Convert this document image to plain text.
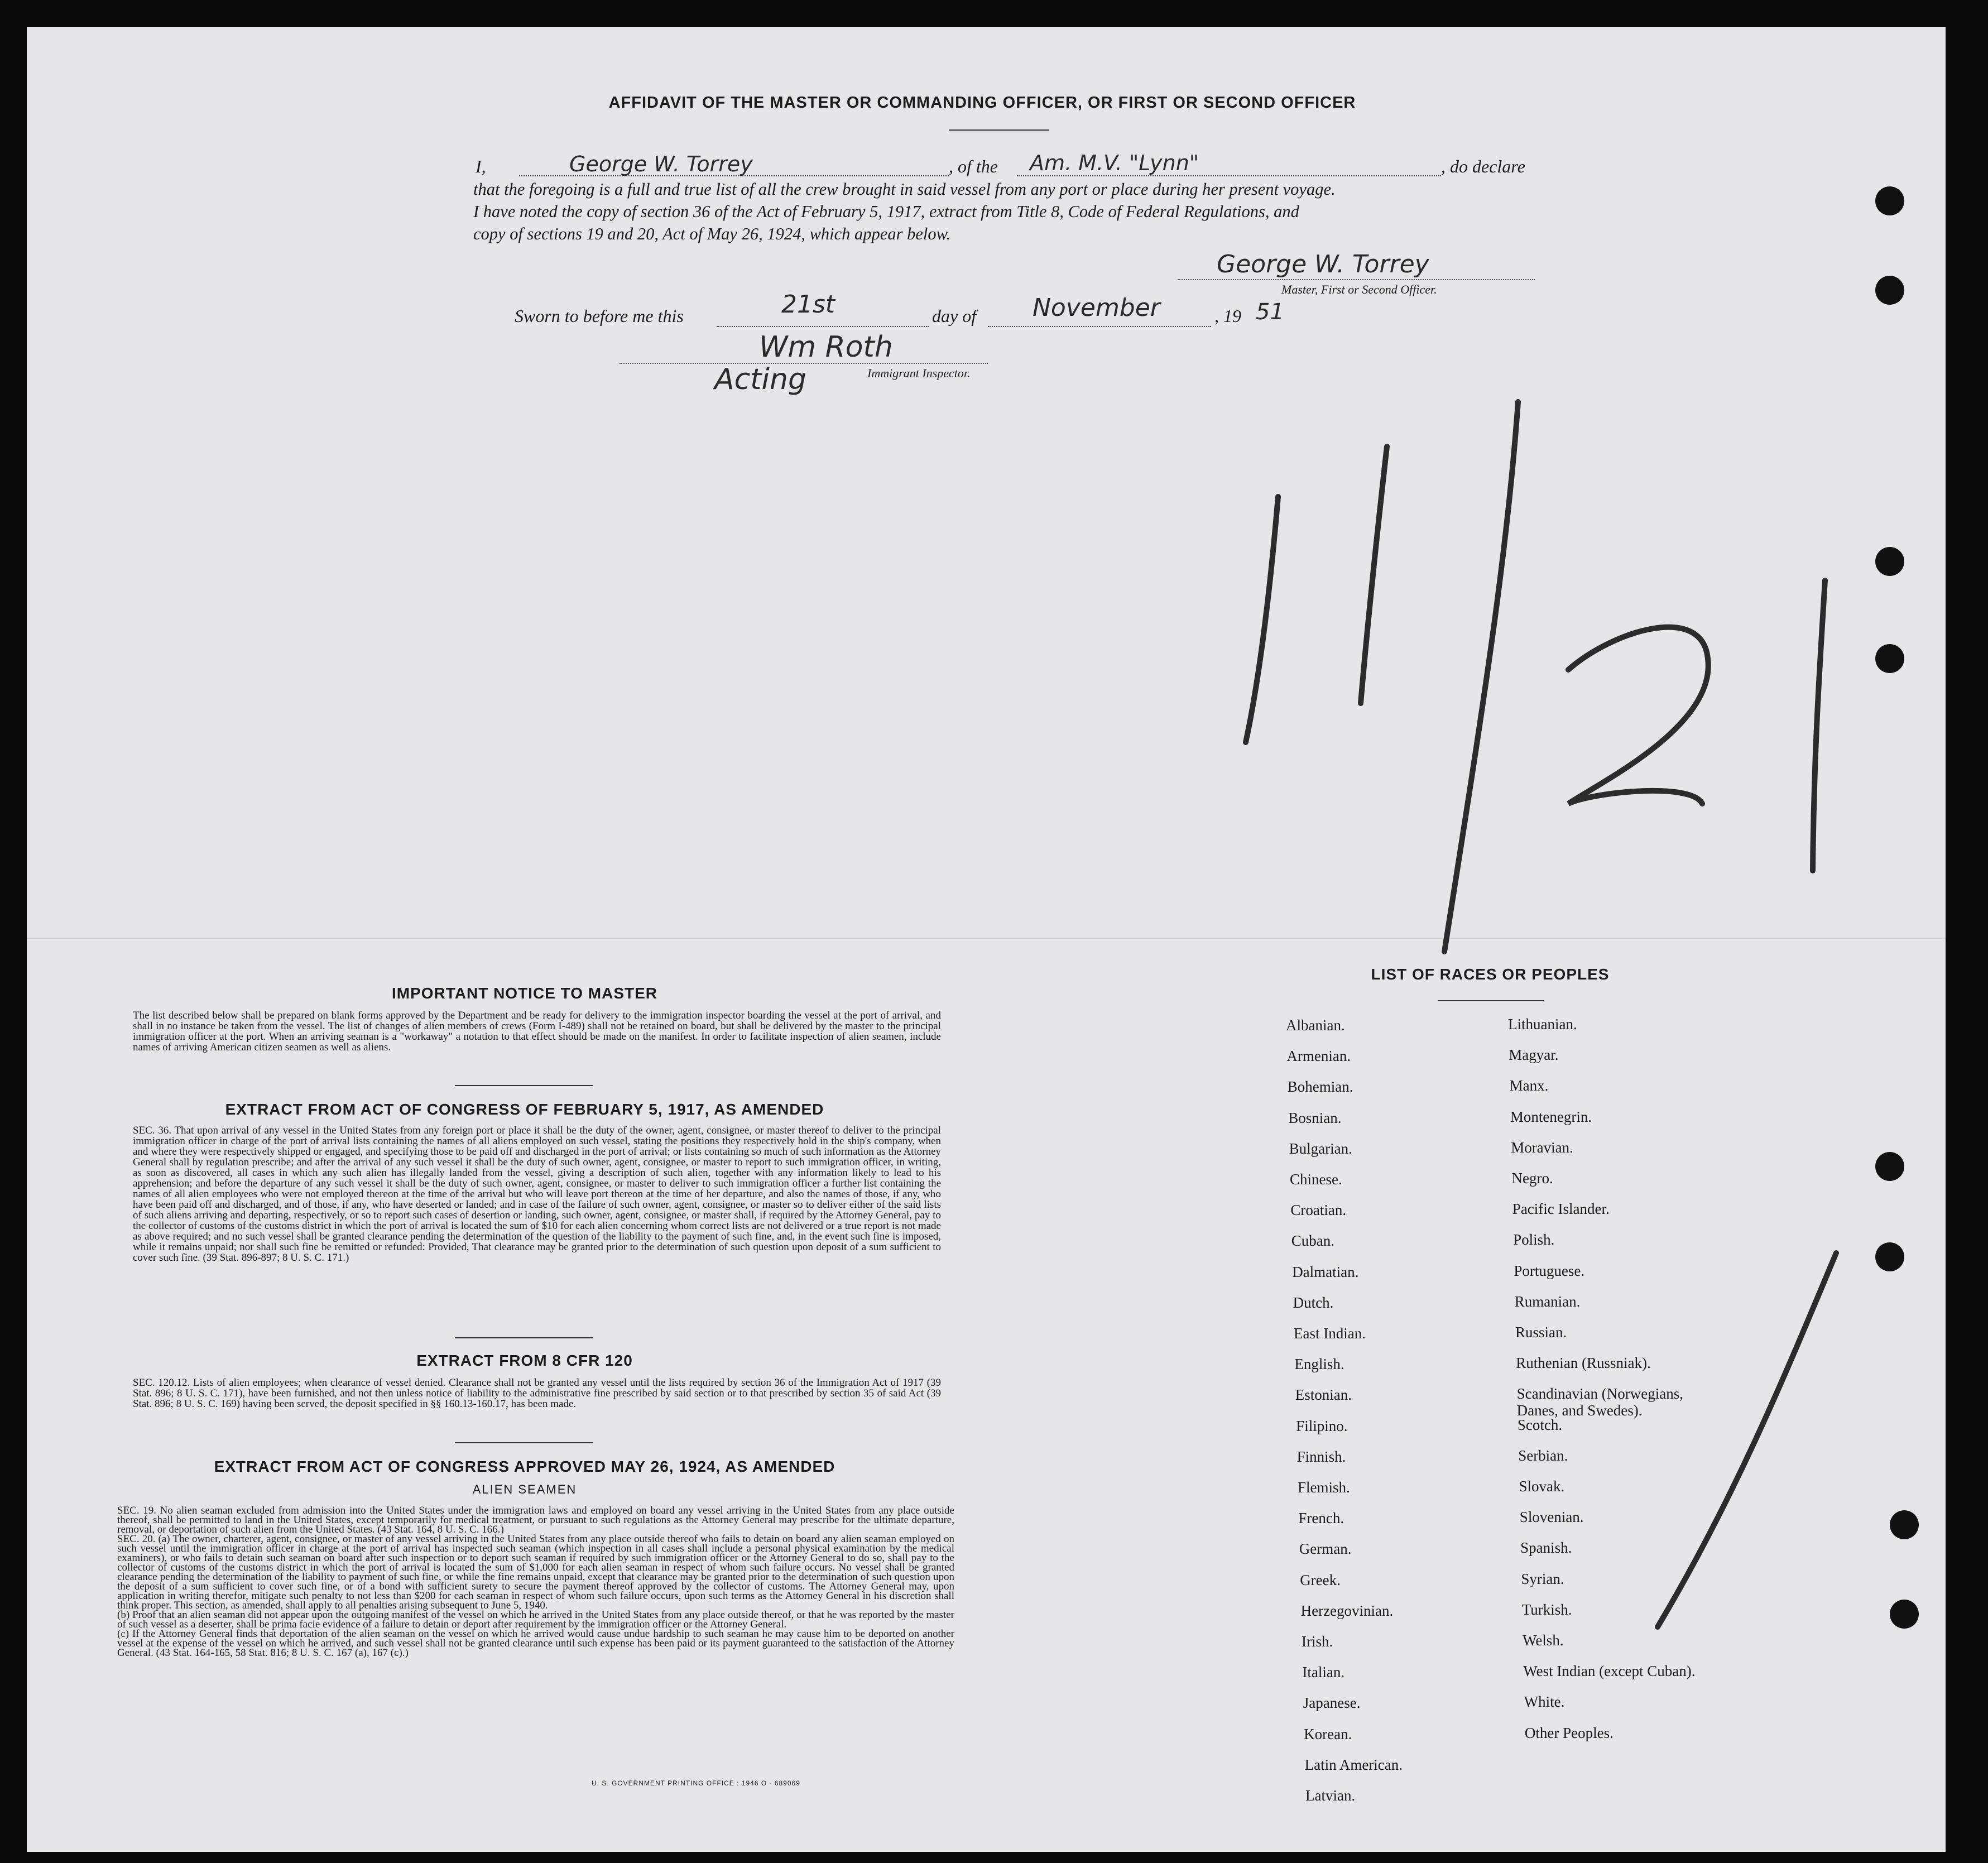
AFFIDAVIT OF THE MASTER OR COMMANDING OFFICER, OR FIRST OR SECOND OFFICER
I,	George W. Torrey	, of the Am. M.V. "Lynn"	, do declare
that the foregoing is a full and true list of all the crew brought in said vessel from any port or place during her present voyage.
I have noted the copy of section 36 of the Act of February 5, 1917, extract from Title 8, Code of Federal Regulations, and
copy of sections 19 and 20, Act of May 26, 1924, which appear below.
George W. Torrey
Master, First or Second Officer.
Sworn to before me this	21st	day of November	, 19 51
Wm Roth
Acting	Immigrant Inspector.
IMPORTANT NOTICE TO MASTER
The list described below shall be prepared on blank forms approved by the Department and be ready for delivery to the immigration inspector boarding the vessel at the port of arrival, and shall in no instance be taken from the vessel. The list of changes of alien members of crews (Form I-489) shall not be retained on board, but shall be delivered by the master to the principal immigration officer at the port. When an arriving seaman is a "workaway" a notation to that effect should be made on the manifest. In order to facilitate inspection of alien seamen, include names of arriving American citizen seamen as well as aliens.
EXTRACT FROM ACT OF CONGRESS OF FEBRUARY 5, 1917, AS AMENDED
SEC. 36. That upon arrival of any vessel in the United States from any foreign port or place it shall be the duty of the owner, agent, consignee, or master thereof to deliver to the principal immigration officer in charge of the port of arrival lists containing the names of all aliens employed on such vessel, stating the positions they respectively hold in the ship's company, when and where they were respectively shipped or engaged, and specifying those to be paid off and discharged in the port of arrival; or lists containing so much of such information as the Attorney General shall by regulation prescribe; and after the arrival of any such vessel it shall be the duty of such owner, agent, consignee, or master to report to such immigration officer, in writing, as soon as discovered, all cases in which any such alien has illegally landed from the vessel, giving a description of such alien, together with any information likely to lead to his apprehension; and before the departure of any such vessel it shall be the duty of such owner, agent, consignee, or master to deliver to such immigration officer a further list containing the names of all alien employees who were not employed thereon at the time of the arrival but who will leave port thereon at the time of her departure, and also the names of those, if any, who have been paid off and discharged, and of those, if any, who have deserted or landed; and in case of the failure of such owner, agent, consignee, or master so to deliver either of the said lists of such aliens arriving and departing, respectively, or so to report such cases of desertion or landing, such owner, agent, consignee, or master shall, if required by the Attorney General, pay to the collector of customs of the customs district in which the port of arrival is located the sum of $10 for each alien concerning whom correct lists are not delivered or a true report is not made as above required; and no such vessel shall be granted clearance pending the determination of the question of the liability to the payment of such fine, and, in the event such fine is imposed, while it remains unpaid; nor shall such fine be remitted or refunded: Provided, That clearance may be granted prior to the determination of such question upon deposit of a sum sufficient to cover such fine. (39 Stat. 896-897; 8 U. S. C. 171.)
EXTRACT FROM 8 CFR 120
SEC. 120.12. Lists of alien employees; when clearance of vessel denied. Clearance shall not be granted any vessel until the lists required by section 36 of the Immigration Act of 1917 (39 Stat. 896; 8 U. S. C. 171), have been furnished, and not then unless notice of liability to the administrative fine prescribed by said section or to that prescribed by section 35 of said Act (39 Stat. 896; 8 U. S. C. 169) having been served, the deposit specified in §§ 160.13-160.17, has been made.
EXTRACT FROM ACT OF CONGRESS APPROVED MAY 26, 1924, AS AMENDED
ALIEN SEAMEN
SEC. 19. No alien seaman excluded from admission into the United States under the immigration laws and employed on board any vessel arriving in the United States from any place outside thereof, shall be permitted to land in the United States, except temporarily for medical treatment, or pursuant to such regulations as the Attorney General may prescribe for the ultimate departure, removal, or deportation of such alien from the United States. (43 Stat. 164, 8 U. S. C. 166.)
SEC. 20. (a) The owner, charterer, agent, consignee, or master of any vessel arriving in the United States from any place outside thereof who fails to detain on board any alien seaman employed on such vessel until the immigration officer in charge at the port of arrival has inspected such seaman (which inspection in all cases shall include a personal physical examination by the medical examiners), or who fails to detain such seaman on board after such inspection or to deport such seaman if required by such immigration officer or the Attorney General to do so, shall pay to the collector of customs of the customs district in which the port of arrival is located the sum of $1,000 for each alien seaman in respect of whom such failure occurs. No vessel shall be granted clearance pending the determination of the liability to payment of such fine, or while the fine remains unpaid, except that clearance may be granted prior to the determination of such question upon the deposit of a sum sufficient to cover such fine, or of a bond with sufficient surety to secure the payment thereof approved by the collector of customs. The Attorney General may, upon application in writing therefor, mitigate such penalty to not less than $200 for each seaman in respect of whom such failure occurs, upon such terms as the Attorney General in his discretion shall think proper. This section, as amended, shall apply to all penalties arising subsequent to June 5, 1940.
(b) Proof that an alien seaman did not appear upon the outgoing manifest of the vessel on which he arrived in the United States from any place outside thereof, or that he was reported by the master of such vessel as a deserter, shall be prima facie evidence of a failure to detain or deport after requirement by the immigration officer or the Attorney General.
(c) If the Attorney General finds that deportation of the alien seaman on the vessel on which he arrived would cause undue hardship to such seaman he may cause him to be deported on another vessel at the expense of the vessel on which he arrived, and such vessel shall not be granted clearance until such expense has been paid or its payment guaranteed to the satisfaction of the Attorney General. (43 Stat. 164-165, 58 Stat. 816; 8 U. S. C. 167 (a), 167 (c).)
U. S. GOVERNMENT PRINTING OFFICE : 1946 O - 689069
LIST OF RACES OR PEOPLES
Albanian.
Armenian.
Bohemian.
Bosnian.
Bulgarian.
Chinese.
Croatian.
Cuban.
Dalmatian.
Dutch.
East Indian.
English.
Estonian.
Filipino.
Finnish.
Flemish.
French.
German.
Greek.
Herzegovinian.
Irish.
Italian.
Japanese.
Korean.
Latin American.
Latvian.
Lithuanian.
Magyar.
Manx.
Montenegrin.
Moravian.
Negro.
Pacific Islander.
Polish.
Portuguese.
Rumanian.
Russian.
Ruthenian (Russniak).
Scandinavian (Norwegians,
Danes, and Swedes).
Scotch.
Serbian.
Slovak.
Slovenian.
Spanish.
Syrian.
Turkish.
Welsh.
West Indian (except Cuban).
White.
Other Peoples.
